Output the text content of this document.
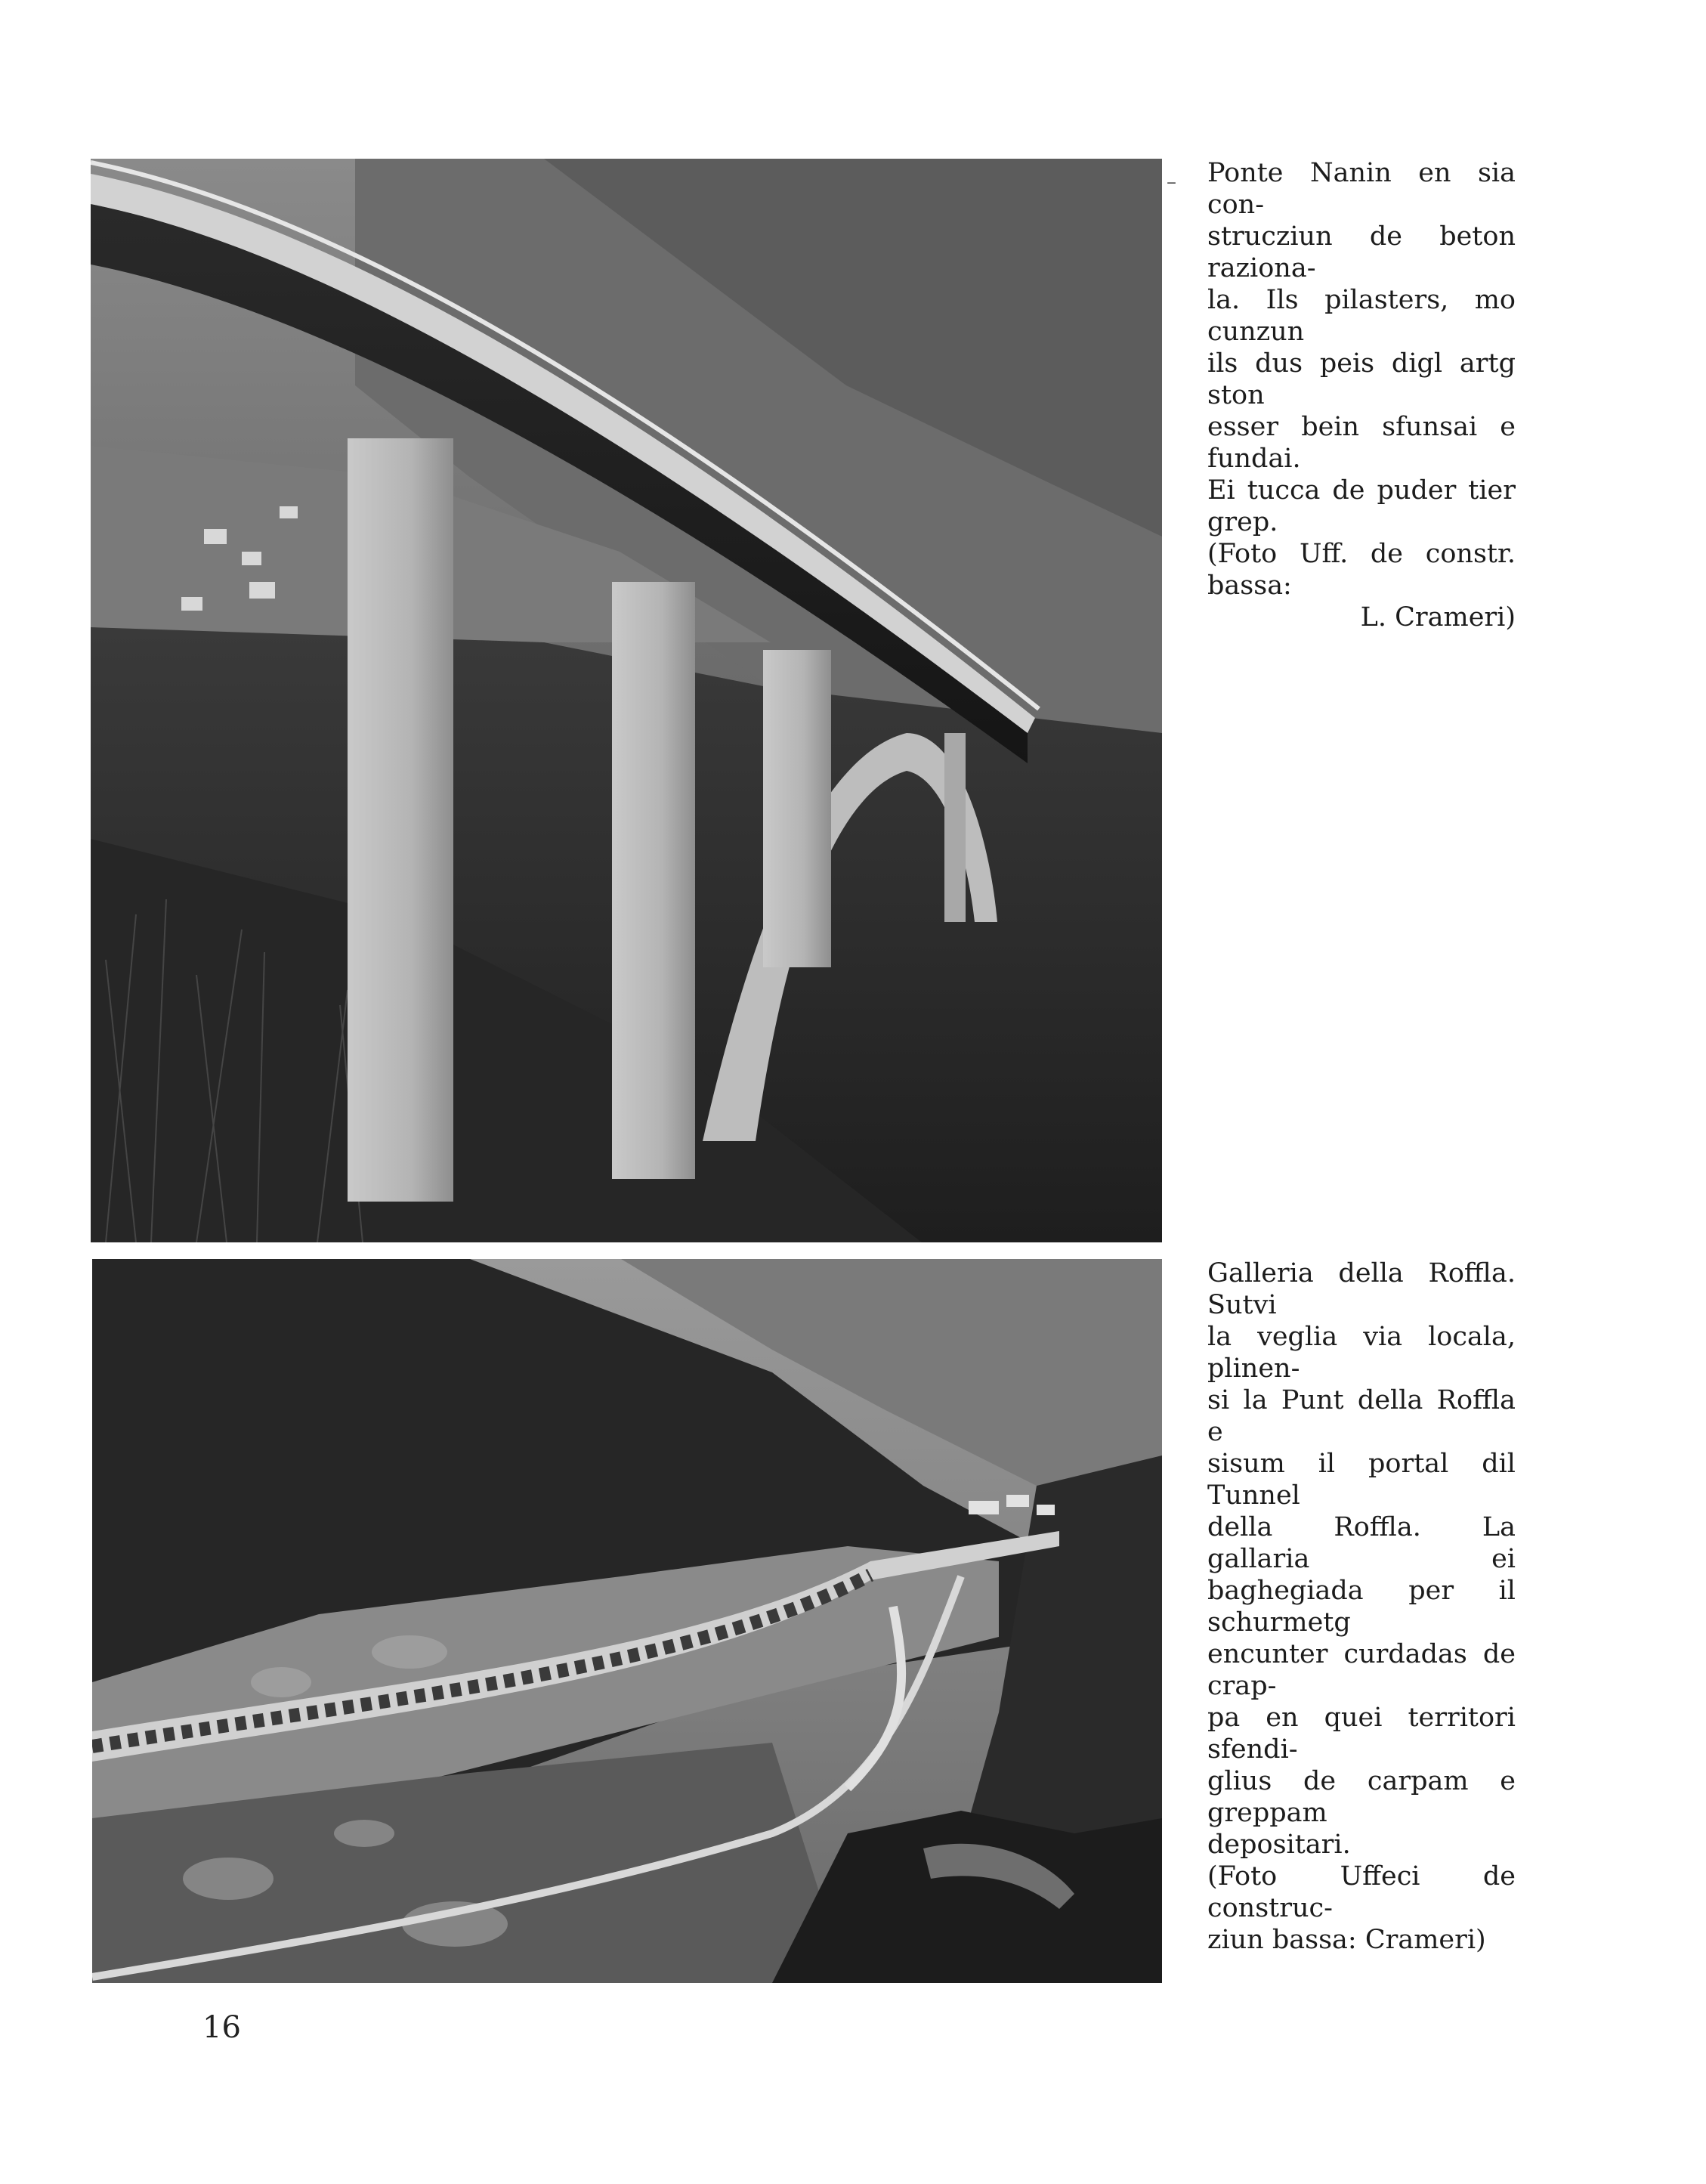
– Ponte Nanin en sia con-
strucziun de beton raziona-
la. Ils pilasters, mo cunzun
ils dus peis digl artg ston
esser bein sfunsai e fundai.
Ei tucca de puder tier grep.
(Foto Uff. de constr. bassa:
L. Crameri)
Galleria della Roffla. Sutvi
la veglia via locala, plinen-
si la Punt della Roffla e
sisum il portal dil Tunnel
della Roffla. La gallaria ei
baghegiada per il schurmetg
encunter curdadas de crap-
pa en quei territori sfendi-
glius de carpam e greppam
depositari.
(Foto Uffeci de construc-
ziun bassa: Crameri)
16
